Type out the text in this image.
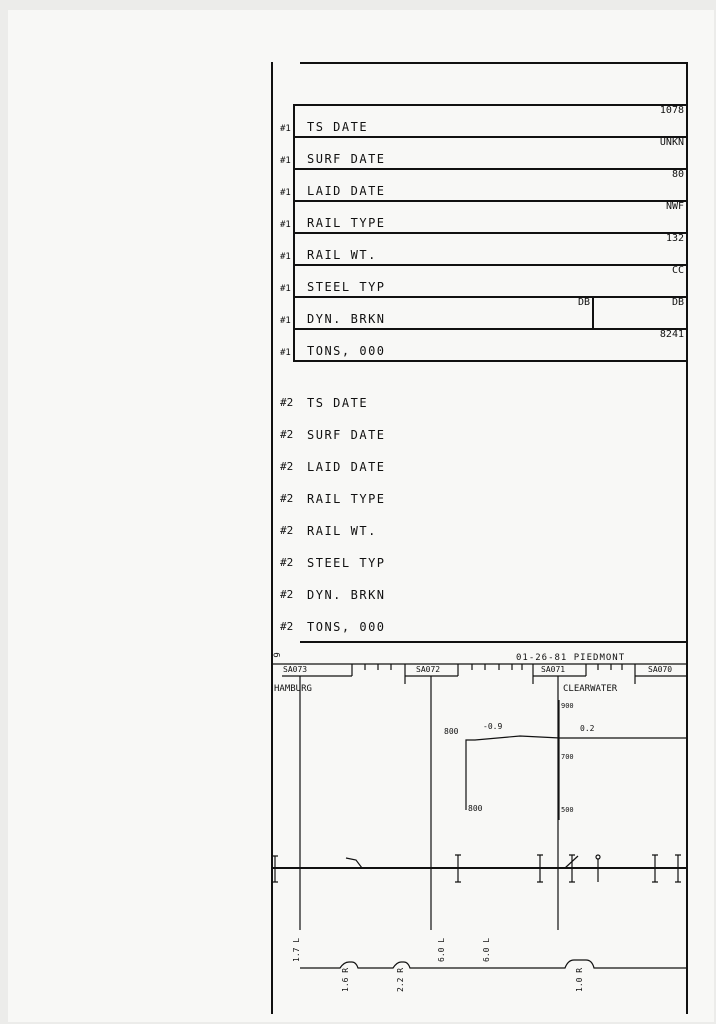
6
#1 TS DATE
1078
#1 SURF DATE
UNKN
#1 LAID DATE
80
#1 RAIL TYPE
NWF
#1 RAIL WT.
132
#1 STEEL TYP
CC
#1 DYN. BRKN
DB
DB
#1 TONS, 000
8241
#2 TS DATE
#2 SURF DATE
#2 LAID DATE
#2 RAIL TYPE
#2 RAIL WT.
#2 STEEL TYP
#2 DYN. BRKN
#2 TONS, 000
01-26-81 PIEDMONT
SA073	SA072	SA071	SA070
HAMBURG	CLEARWATER
900
700
500
800
800
-0.9	0.2
1.7 L	6.0 L	6.0 L
1.6 R	2.2 R	1.0 R
